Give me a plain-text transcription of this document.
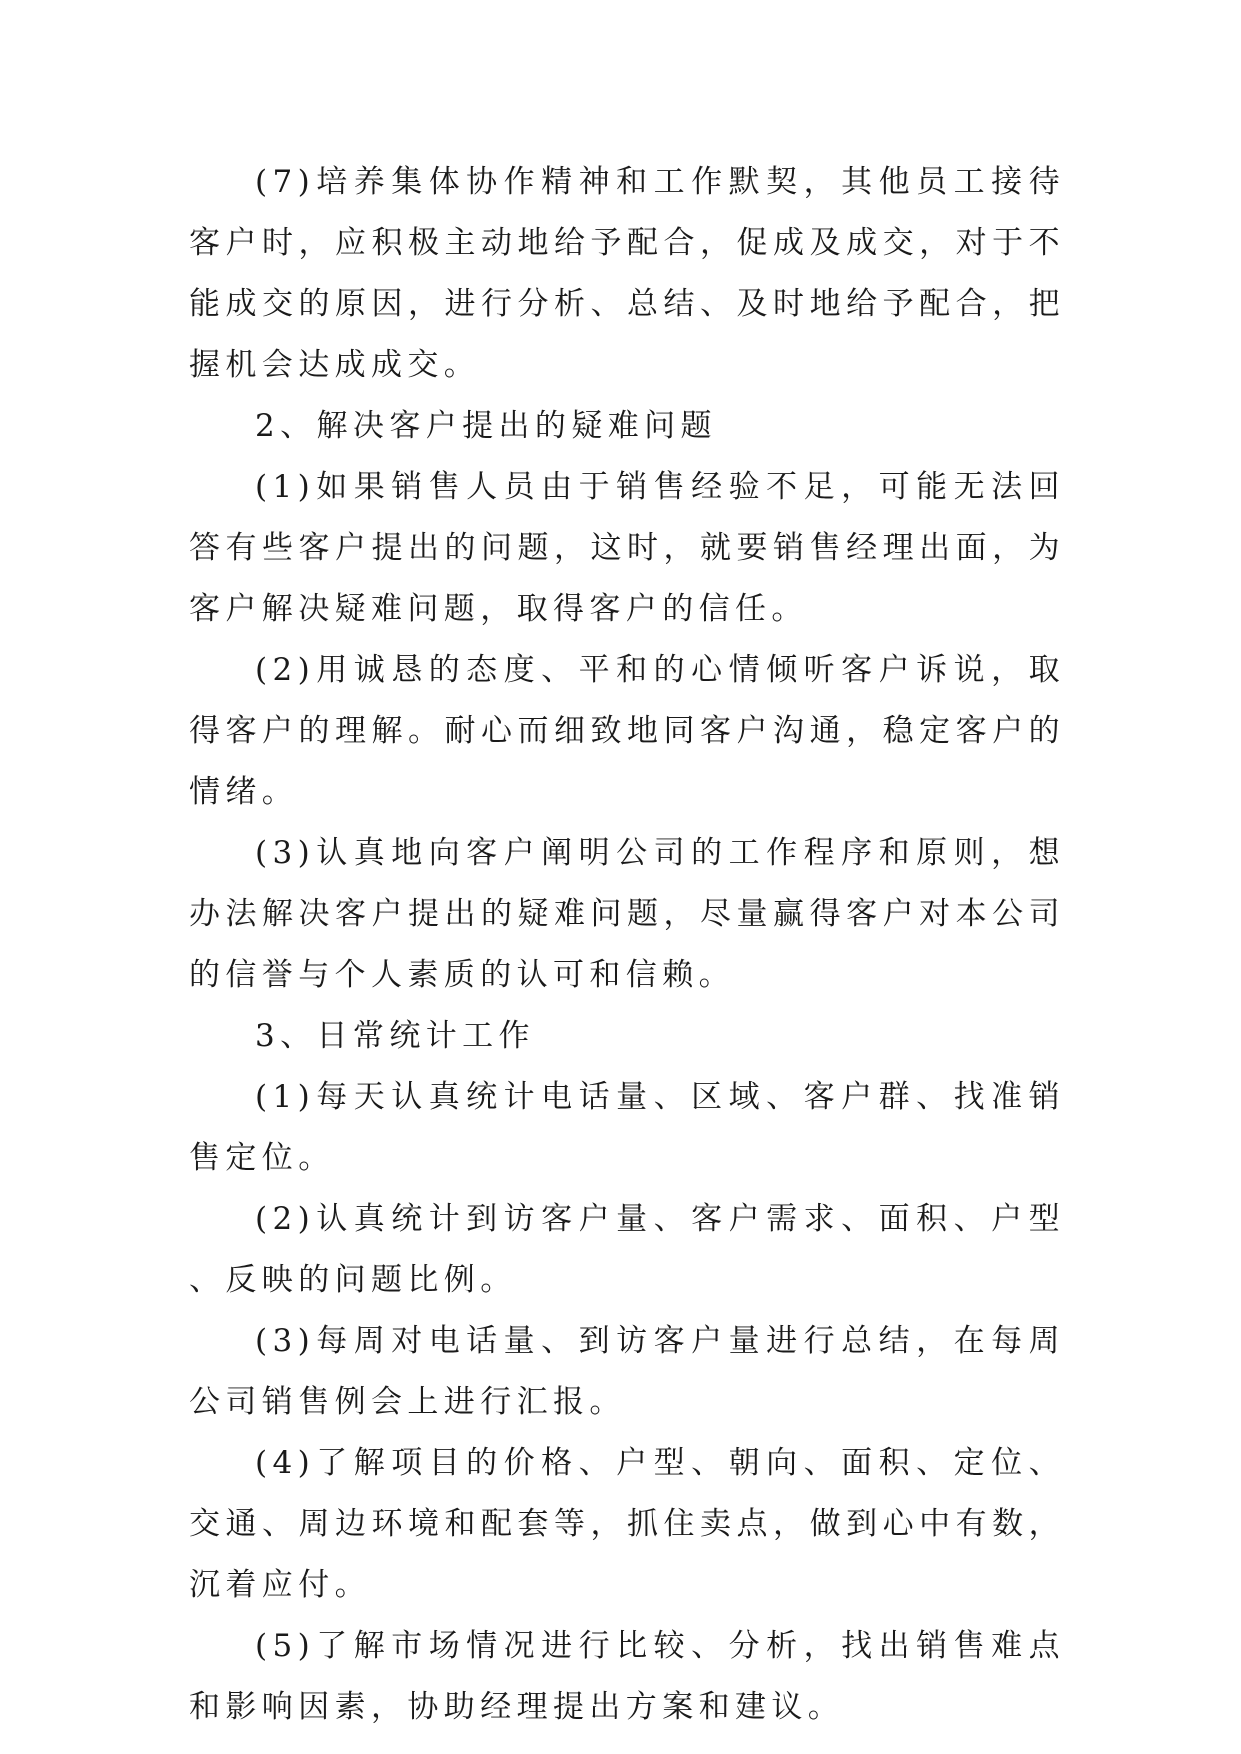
(7)培养集体协作精神和工作默契，其他员工接待客户时，应积极主动地给予配合，促成及成交，对于不能成交的原因，进行分析、总结、及时地给予配合，把握机会达成成交。

2、解决客户提出的疑难问题

(1)如果销售人员由于销售经验不足，可能无法回答有些客户提出的问题，这时，就要销售经理出面，为客户解决疑难问题，取得客户的信任。

(2)用诚恳的态度、平和的心情倾听客户诉说，取得客户的理解。耐心而细致地同客户沟通，稳定客户的情绪。

(3)认真地向客户阐明公司的工作程序和原则，想办法解决客户提出的疑难问题，尽量赢得客户对本公司的信誉与个人素质的认可和信赖。

3、日常统计工作

(1)每天认真统计电话量、区域、客户群、找准销售定位。

(2)认真统计到访客户量、客户需求、面积、户型、反映的问题比例。

(3)每周对电话量、到访客户量进行总结，在每周公司销售例会上进行汇报。

(4)了解项目的价格、户型、朝向、面积、定位、交通、周边环境和配套等，抓住卖点，做到心中有数，沉着应付。

(5)了解市场情况进行比较、分析，找出销售难点和影响因素，协助经理提出方案和建议。
